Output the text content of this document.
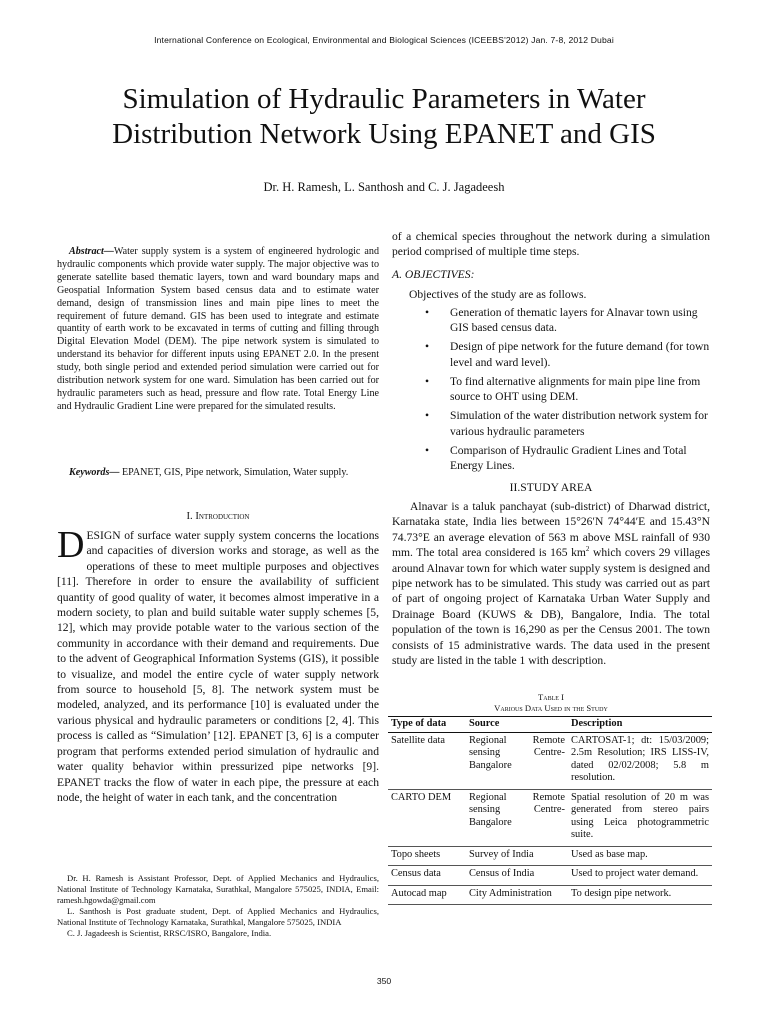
International Conference on Ecological, Environmental and Biological Sciences (ICEEBS'2012) Jan. 7-8, 2012 Dubai
Simulation of Hydraulic Parameters in Water
Distribution Network Using EPANET and GIS
Dr. H. Ramesh, L. Santhosh and C. J. Jagadeesh

Abstract—Water supply system is a system of engineered hydrologic and hydraulic components which provide water supply. The major objective was to generate satellite based thematic layers, town and ward boundary maps and Geospatial Information System based census data and to estimate water demand, design of transmission lines and main pipe lines to meet the requirement of future demand. GIS has been used to integrate and estimate quantity of earth work to be excavated in terms of cutting and filling through Digital Elevation Model (DEM). The pipe network system is simulated to understand its behavior for different inputs using EPANET 2.0. In the present study, both single period and extended period simulation were carried out for distribution network system for one ward. Simulation has been carried out for hydraulic parameters such as head, pressure and flow rate. Total Energy Line and Hydraulic Gradient Line were prepared for the simulated results.

Keywords— EPANET, GIS, Pipe network, Simulation, Water supply.

I. Introduction

DESIGN of surface water supply system concerns the locations and capacities of diversion works and storage, as well as the operations of these to meet multiple purposes and objectives [11]. Therefore in order to ensure the availability of sufficient quantity of good quality of water, it becomes almost imperative in a modern society, to plan and build suitable water supply schemes [5, 12], which may provide potable water to the various section of the community in accordance with their demand and requirements. Due to the advent of Geographical Information Systems (GIS), it possible to visualize, and model the entire cycle of water supply network from source to household [5, 8]. The network system must be modeled, analyzed, and its performance [10] is evaluated under the various physical and hydraulic parameters or conditions [2, 4]. This process is called as “Simulation’ [12]. EPANET [3, 6] is a computer program that performs extended period simulation of hydraulic and water quality behavior within pressurized pipe networks [9]. EPANET tracks the flow of water in each pipe, the pressure at each node, the height of water in each tank, and the concentration

Dr. H. Ramesh is Assistant Professor, Dept. of Applied Mechanics and Hydraulics, National Institute of Technology Karnataka, Surathkal, Mangalore 575025, INDIA, Email: ramesh.hgowda@gmail.com

L. Santhosh is Post graduate student, Dept. of Applied Mechanics and Hydraulics, National Institute of Technology Karnataka, Surathkal, Mangalore 575025, INDIA

C. J. Jagadeesh is Scientist, RRSC/ISRO, Bangalore, India.

of a chemical species throughout the network during a simulation period comprised of multiple time steps.
A. OBJECTIVES:
Objectives of the study are as follows.
• Generation of thematic layers for Alnavar town using GIS based census data.
• Design of pipe network for the future demand (for town level and ward level).
• To find alternative alignments for main pipe line from source to OHT using DEM.
• Simulation of the water distribution network system for various hydraulic parameters
• Comparison of Hydraulic Gradient Lines and Total Energy Lines.
II.STUDY AREA

Alnavar is a taluk panchayat (sub-district) of Dharwad district, Karnataka state, India lies between 15°26′N 74°44′E and 15.43°N 74.73°E an average elevation of 563 m above MSL rainfall of 930 mm. The total area considered is 165 $km^2$ which covers 29 villages around Alnavar town for which water supply system is designed and pipe network has to be simulated. This study was carried out as part of part of ongoing project of Karnataka Urban Water Supply and Drainage Board (KUWS & DB), Bangalore, India. The total population of the town is 16,290 as per the Census 2001. The town consists of 15 administrative wards. The data used in the present study are listed in the table 1 with description.

Table I
Various Data Used in the Study
Type of data	Source	Description
Satellite data	Regional Remote sensing Centre-Bangalore	CARTOSAT-1; dt: 15/03/2009; 2.5m Resolution; IRS LISS-IV, dated 02/02/2008; 5.8 m resolution.
CARTO DEM	Regional Remote sensing Centre-Bangalore	Spatial resolution of 20 m was generated from stereo pairs using Leica photogrammetric suite.
Topo sheets	Survey of India	Used as base map.
Census data	Census of India	Used to project water demand.
Autocad map	City Administration	To design pipe network.
350
